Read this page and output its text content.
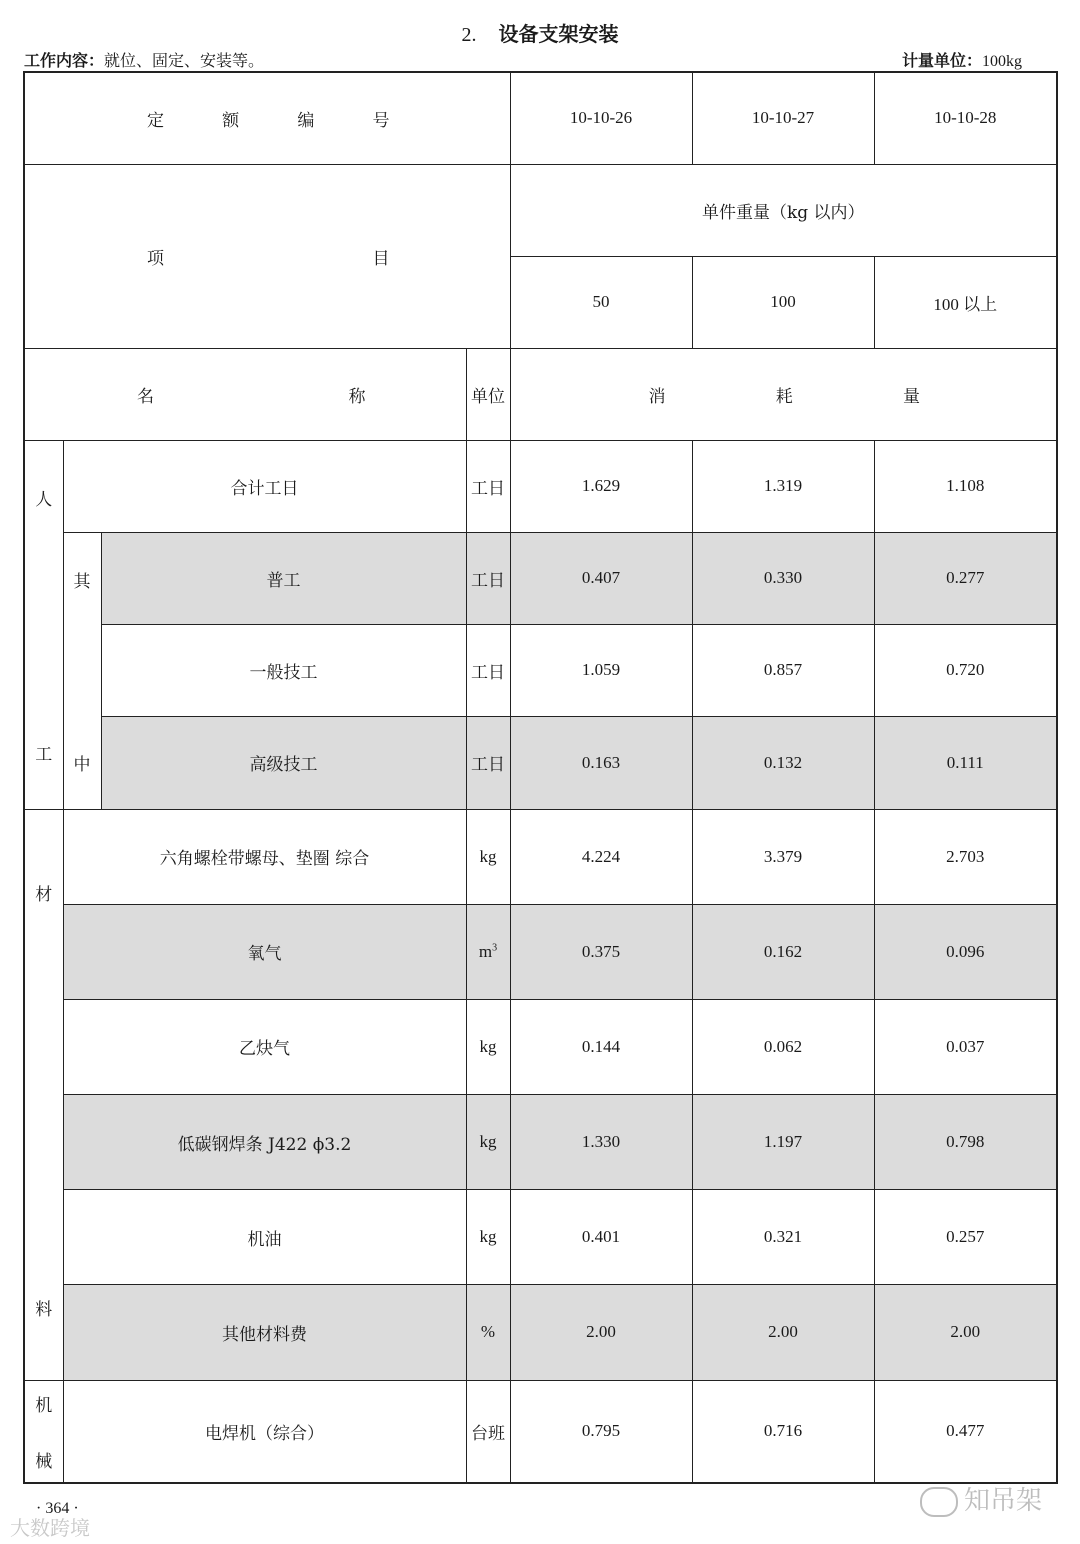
2. 设备支架安装
工作内容：就位、固定、安装等。	计量单位：100kg
定 额 编 号				10-10-26	10-10-27	10-10-28

项 目				单件重量（kg 以内）		
				50	100	100 以上

名 称			单位	消 耗 量		

人
工	合计工日		工日	1.629	1.319	1.108

	其
中	普工	工日	0.407	0.330	0.277
		一般技工	工日	1.059	0.857	0.720
		高级技工	工日	0.163	0.132	0.111

材
料	六角螺栓带螺母、垫圈 综合		kg	4.224	3.379	2.703
	氧气		$m^3$	0.375	0.162	0.096
	乙炔气		kg	0.144	0.062	0.037
	低碳钢焊条 J422 ϕ3.2		kg	1.330	1.197	0.798
	机油		kg	0.401	0.321	0.257
	其他材料费		%	2.00	2.00	2.00

机
械	电焊机（综合）		台班	0.795	0.716	0.477
· 364 ·
大数跨境
知吊架
